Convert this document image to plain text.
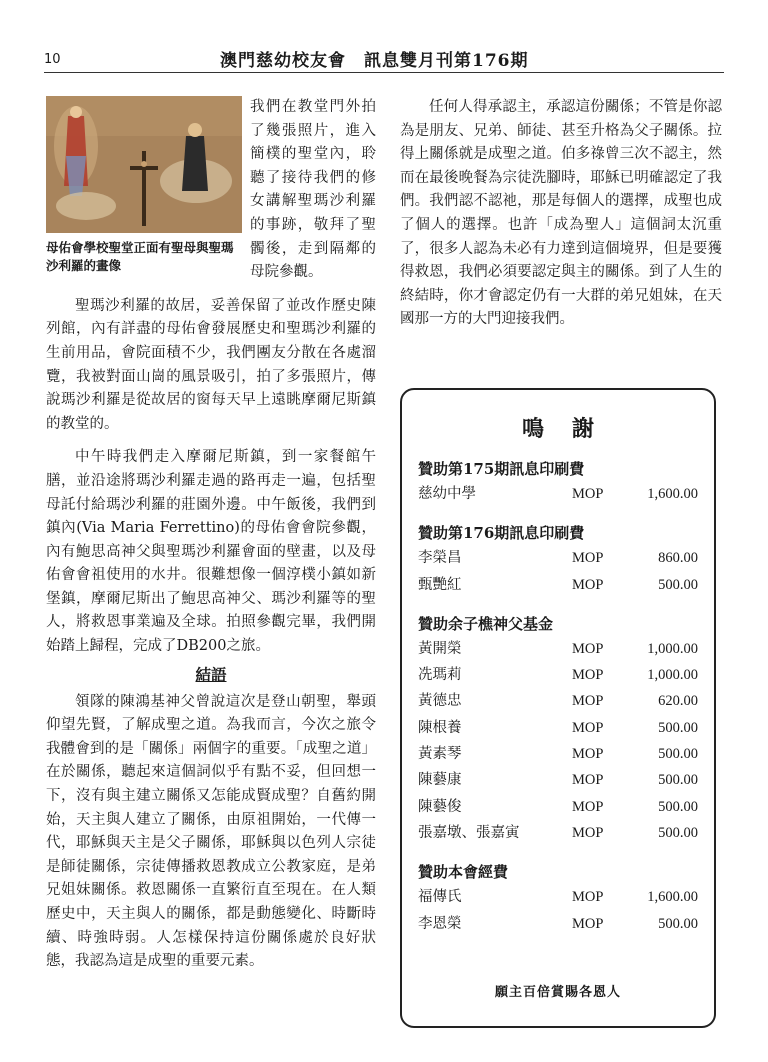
10	澳門慈幼校友會　訊息雙月刊第176期
母佑會學校聖堂正面有聖母與聖瑪沙利羅的畫像
我們在教堂門外拍了幾張照片，進入簡樸的聖堂內，聆聽了接待我們的修女講解聖瑪沙利羅的事跡，敬拜了聖髑後，走到隔鄰的母院參觀。

聖瑪沙利羅的故居，妥善保留了並改作歷史陳列館，內有詳盡的母佑會發展歷史和聖瑪沙利羅的生前用品，會院面積不少，我們團友分散在各處溜覽，我被對面山崗的風景吸引，拍了多張照片，傳說瑪沙利羅是從故居的窗每天早上遠眺摩爾尼斯鎮的教堂的。

中午時我們走入摩爾尼斯鎮，到一家餐館午膳，並沿途將瑪沙利羅走過的路再走一遍，包括聖母託付給瑪沙利羅的莊園外邊。中午飯後，我們到鎮內(Via Maria Ferrettino)的母佑會會院參觀，內有鮑思高神父與聖瑪沙利羅會面的壁畫，以及母佑會會祖使用的水井。很難想像一個淳樸小鎮如新堡鎮，摩爾尼斯出了鮑思高神父、瑪沙利羅等的聖人，將救恩事業遍及全球。拍照參觀完畢，我們開始踏上歸程，完成了DB200之旅。

結語

領隊的陳鴻基神父曾說這次是登山朝聖，舉頭仰望先賢，了解成聖之道。為我而言，今次之旅令我體會到的是「關係」兩個字的重要。「成聖之道」在於關係，聽起來這個詞似乎有點不妥，但回想一下，沒有與主建立關係又怎能成賢成聖？自舊約開始，天主與人建立了關係，由原祖開始，一代傳一代，耶穌與天主是父子關係，耶穌與以色列人宗徒是師徒關係，宗徒傳播救恩教成立公教家庭，是弟兄姐妹關係。救恩關係一直繁衍直至現在。在人類歷史中，天主與人的關係，都是動態變化、時斷時續、時強時弱。人怎樣保持這份關係處於良好狀態，我認為這是成聖的重要元素。

任何人得承認主，承認這份關係；不管是你認為是朋友、兄弟、師徒、甚至升格為父子關係。拉得上關係就是成聖之道。伯多祿曾三次不認主，然而在最後晚餐為宗徒洗腳時，耶穌已明確認定了我們。我們認不認祂，那是每個人的選擇，成聖也成了個人的選擇。也許「成為聖人」這個詞太沉重了，很多人認為未必有力達到這個境界，但是要獲得救恩，我們必須要認定與主的關係。到了人生的終結時，你才會認定仍有一大群的弟兄姐妹，在天國那一方的大門迎接我們。

鳴謝
贊助第175期訊息印刷費
慈幼中學	MOP	1,600.00
贊助第176期訊息印刷費
李榮昌	MOP	860.00
甄艷紅	MOP	500.00
贊助余子樵神父基金
黃開榮	MOP	1,000.00
冼瑪莉	MOP	1,000.00
黃德忠	MOP	620.00
陳根養	MOP	500.00
黃素琴	MOP	500.00
陳藝康	MOP	500.00
陳藝俊	MOP	500.00
張嘉墩、張嘉寅	MOP	500.00
贊助本會經費
福傳氏	MOP	1,600.00
李恩榮	MOP	500.00
願主百倍賞賜各恩人
